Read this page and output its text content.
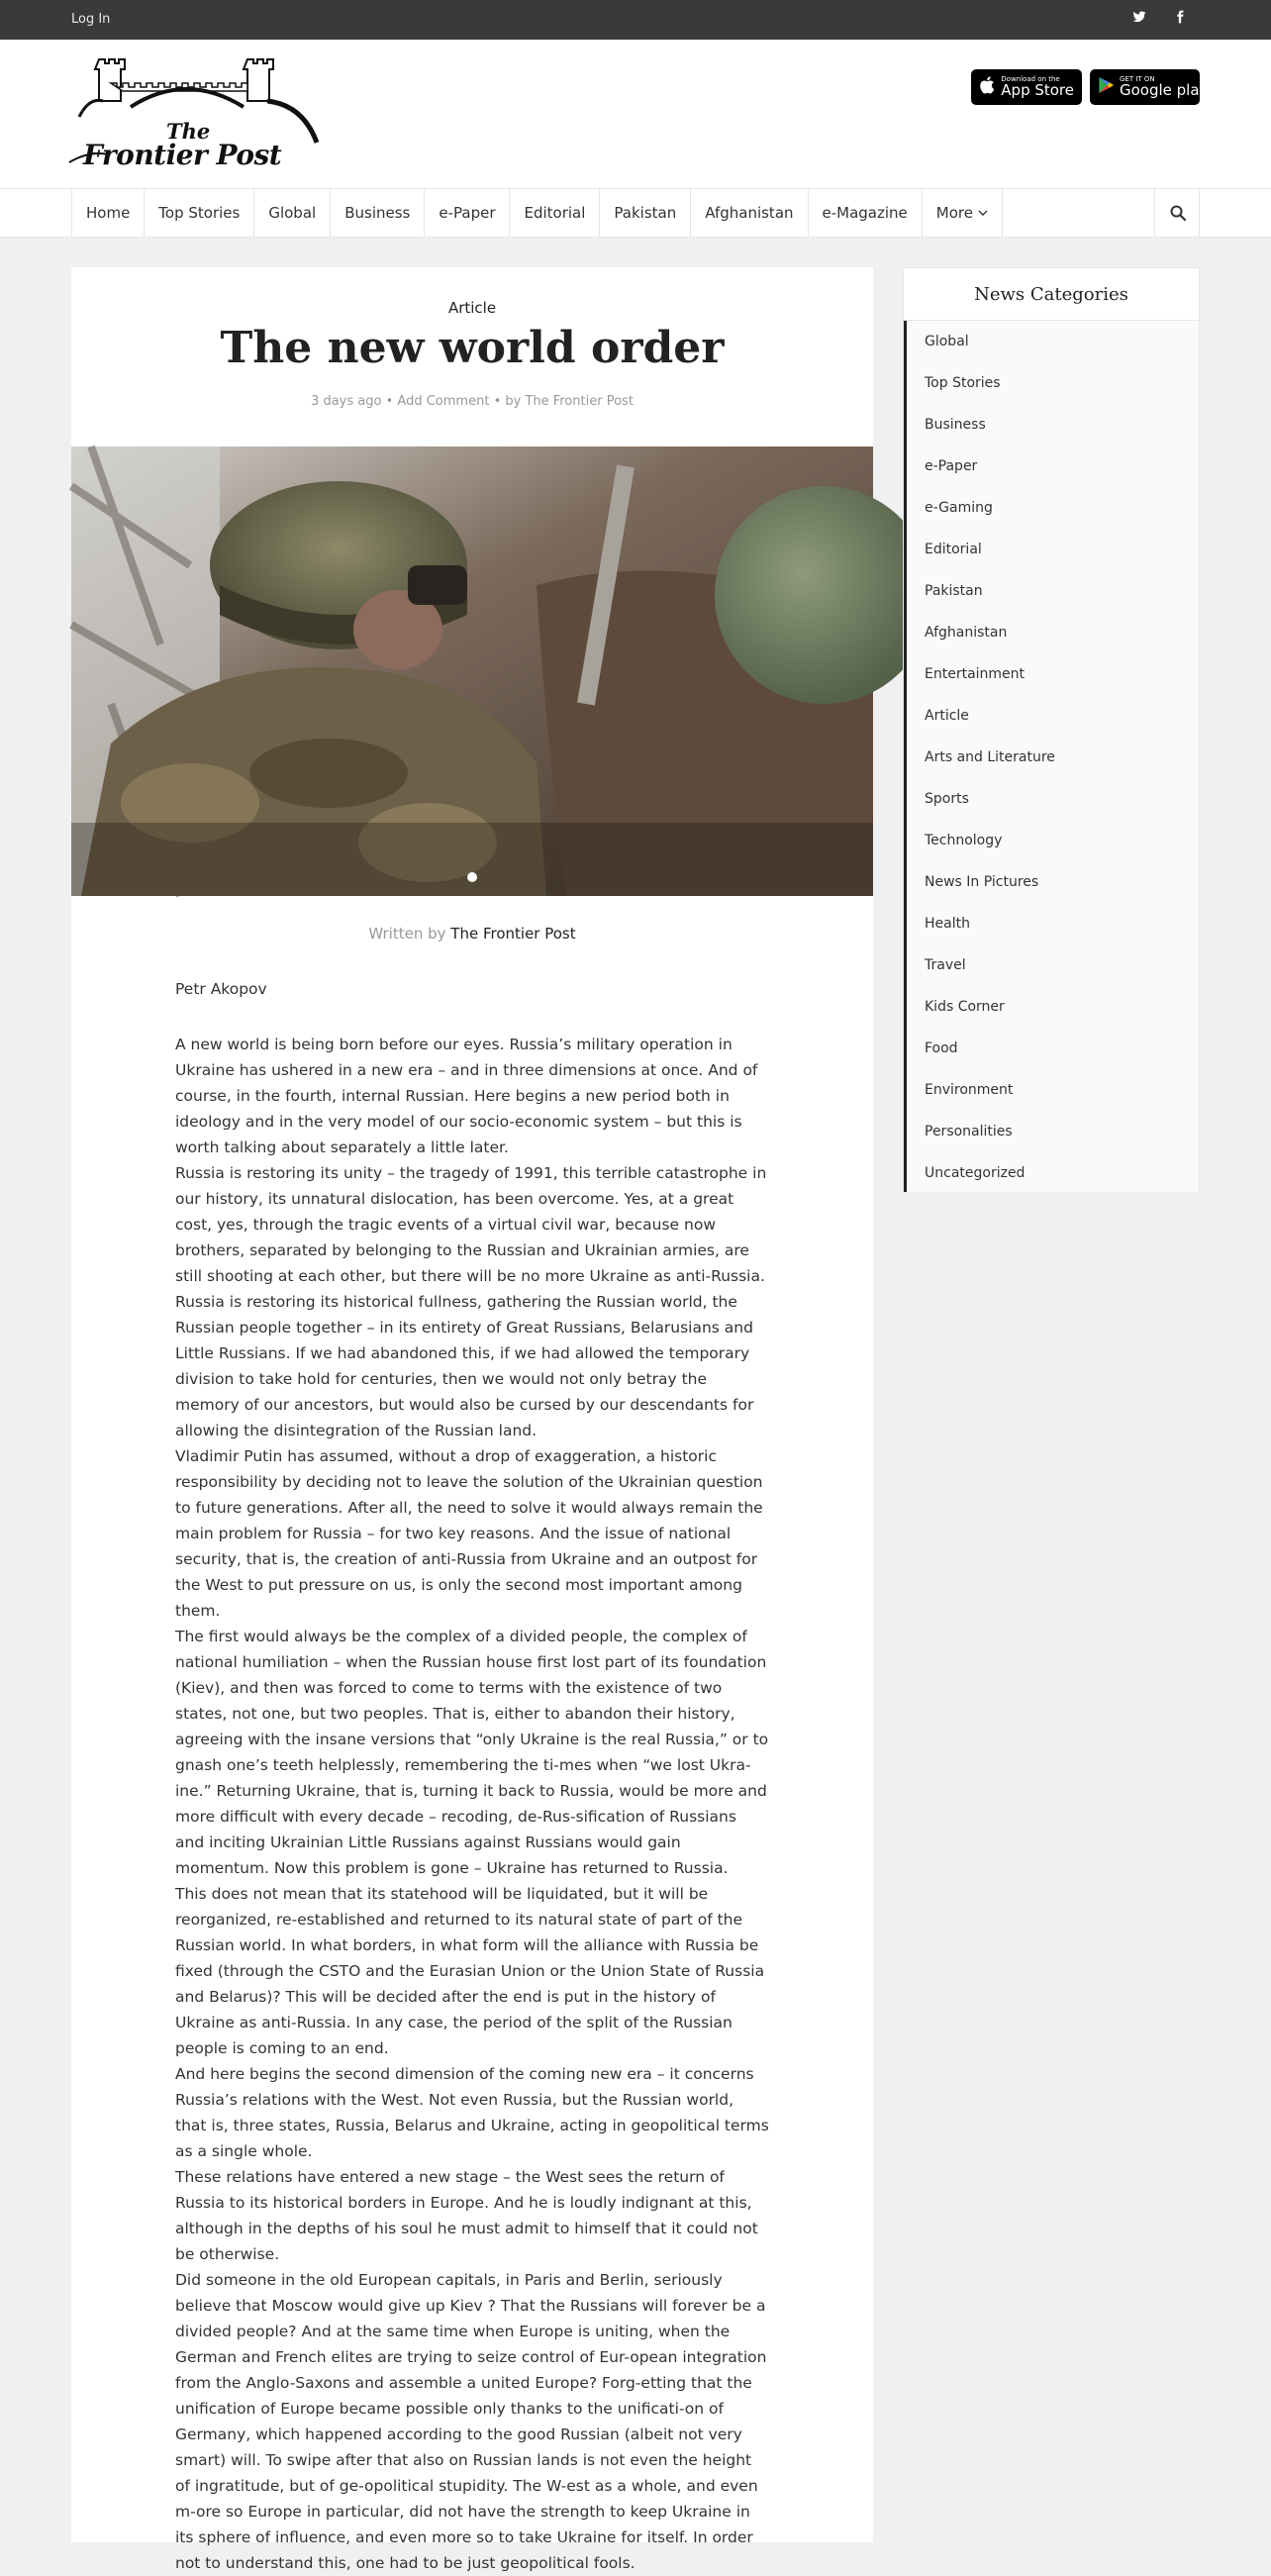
Log In
The
Frontier Post
Download on the
App Store
GET IT ON
Google play
Home	Top Stories	Global	Business	e-Paper	Editorial	Pakistan	Afghanistan	e-Magazine	More
Article
The new world order
3 days ago • Add Comment • by The Frontier Post
Written by The Frontier Post

Petr Akopov

A new world is being born before our eyes. Russia’s military operation in Ukraine has ushered in a new era – and in three dimensions at once. And of course, in the fourth, internal Russian. Here begins a new period both in ideology and in the very model of our socio-economic system – but this is worth talking about separately a little later.

Russia is restoring its unity – the tragedy of 1991, this terrible catastrophe in our history, its unnatural dislocation, has been overcome. Yes, at a great cost, yes, through the tragic events of a virtual civil war, because now brothers, separated by belonging to the Russian and Ukrainian armies, are still shooting at each other, but there will be no more Ukraine as anti-Russia. Russia is restoring its historical fullness, gathering the Russian world, the Russian people together – in its entirety of Great Russians, Belarusians and Little Russians. If we had abandoned this, if we had allowed the temporary division to take hold for centuries, then we would not only betray the memory of our ancestors, but would also be cursed by our descendants for allowing the disintegration of the Russian land.

Vladimir Putin has assumed, without a drop of exaggeration, a historic responsibility by deciding not to leave the solution of the Ukrainian question to future generations. After all, the need to solve it would always remain the main problem for Russia – for two key reasons. And the issue of national security, that is, the creation of anti-Russia from Ukraine and an outpost for the West to put pressure on us, is only the second most important among them.

The first would always be the complex of a divided people, the complex of national humiliation – when the Russian house first lost part of its foundation (Kiev), and then was forced to come to terms with the existence of two states, not one, but two peoples. That is, either to abandon their history, agreeing with the insane versions that “only Ukraine is the real Russia,” or to gnash one’s teeth helplessly, remembering the ti-mes when “we lost Ukra-ine.” Returning Ukraine, that is, turning it back to Russia, would be more and more difficult with every decade – recoding, de-Rus-sification of Russians and inciting Ukrainian Little Russians against Russians would gain momentum. Now this problem is gone – Ukraine has returned to Russia.

This does not mean that its statehood will be liquidated, but it will be reorganized, re-established and returned to its natural state of part of the Russian world. In what borders, in what form will the alliance with Russia be fixed (through the CSTO and the Eurasian Union or the Union State of Russia and Belarus)? This will be decided after the end is put in the history of Ukraine as anti-Russia. In any case, the period of the split of the Russian people is coming to an end.

And here begins the second dimension of the coming new era – it concerns Russia’s relations with the West. Not even Russia, but the Russian world, that is, three states, Russia, Belarus and Ukraine, acting in geopolitical terms as a single whole.

These relations have entered a new stage – the West sees the return of Russia to its historical borders in Europe. And he is loudly indignant at this, although in the depths of his soul he must admit to himself that it could not be otherwise.

Did someone in the old European capitals, in Paris and Berlin, seriously believe that Moscow would give up Kiev ? That the Russians will forever be a divided people? And at the same time when Europe is uniting, when the German and French elites are trying to seize control of Eur-opean integration from the Anglo-Saxons and assemble a united Europe? Forg-etting that the unification of Europe became possible only thanks to the unificati-on of Germany, which happened according to the good Russian (albeit not very smart) will. To swipe after that also on Russian lands is not even the height of ingratitude, but of ge-opolitical stupidity. The W-est as a whole, and even m-ore so Europe in particular, did not have the strength to keep Ukraine in its sphere of influence, and even more so to take Ukraine for itself. In order not to understand this, one had to be just geopolitical fools.

News Categories
Global
Top Stories
Business
e-Paper
e-Gaming
Editorial
Pakistan
Afghanistan
Entertainment
Article
Arts and Literature
Sports
Technology
News In Pictures
Health
Travel
Kids Corner
Food
Environment
Personalities
Uncategorized
